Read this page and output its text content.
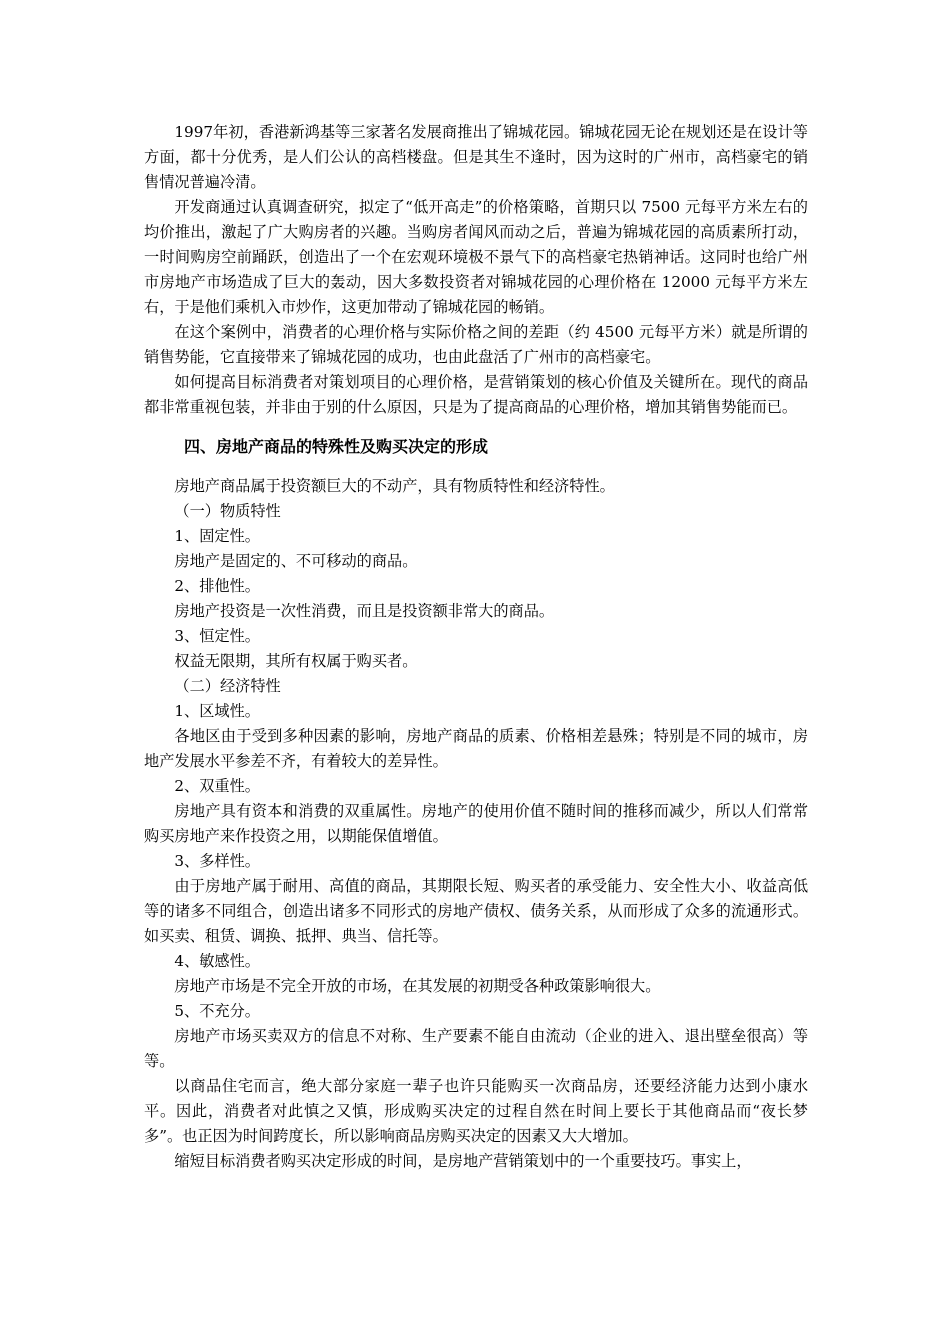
1997年初，香港新鸿基等三家著名发展商推出了锦城花园。锦城花园无论在规划还是在设计等方面，都十分优秀，是人们公认的高档楼盘。但是其生不逢时，因为这时的广州市，高档豪宅的销售情况普遍冷清。

开发商通过认真调查研究，拟定了“低开高走”的价格策略，首期只以 7500 元每平方米左右的均价推出，激起了广大购房者的兴趣。当购房者闻风而动之后，普遍为锦城花园的高质素所打动，一时间购房空前踊跃，创造出了一个在宏观环境极不景气下的高档豪宅热销神话。这同时也给广州市房地产市场造成了巨大的轰动，因大多数投资者对锦城花园的心理价格在 12000 元每平方米左右，于是他们乘机入市炒作，这更加带动了锦城花园的畅销。

在这个案例中，消费者的心理价格与实际价格之间的差距（约 4500 元每平方米）就是所谓的销售势能，它直接带来了锦城花园的成功，也由此盘活了广州市的高档豪宅。

如何提高目标消费者对策划项目的心理价格，是营销策划的核心价值及关键所在。现代的商品都非常重视包装，并非由于别的什么原因，只是为了提高商品的心理价格，增加其销售势能而已。

四、房地产商品的特殊性及购买决定的形成

房地产商品属于投资额巨大的不动产，具有物质特性和经济特性。

（一）物质特性

1、固定性。

房地产是固定的、不可移动的商品。

2、排他性。

房地产投资是一次性消费，而且是投资额非常大的商品。

3、恒定性。

权益无限期，其所有权属于购买者。

（二）经济特性

1、区域性。

各地区由于受到多种因素的影响，房地产商品的质素、价格相差悬殊；特别是不同的城市，房地产发展水平参差不齐，有着较大的差异性。

2、双重性。

房地产具有资本和消费的双重属性。房地产的使用价值不随时间的推移而减少，所以人们常常购买房地产来作投资之用，以期能保值增值。

3、多样性。

由于房地产属于耐用、高值的商品，其期限长短、购买者的承受能力、安全性大小、收益高低等的诸多不同组合，创造出诸多不同形式的房地产债权、债务关系，从而形成了众多的流通形式。如买卖、租赁、调换、抵押、典当、信托等。

4、敏感性。

房地产市场是不完全开放的市场，在其发展的初期受各种政策影响很大。

5、不充分。

房地产市场买卖双方的信息不对称、生产要素不能自由流动（企业的进入、退出壁垒很高）等等。

以商品住宅而言，绝大部分家庭一辈子也许只能购买一次商品房，还要经济能力达到小康水平。因此，消费者对此慎之又慎，形成购买决定的过程自然在时间上要长于其他商品而“夜长梦多”。也正因为时间跨度长，所以影响商品房购买决定的因素又大大增加。

缩短目标消费者购买决定形成的时间，是房地产营销策划中的一个重要技巧。事实上，
